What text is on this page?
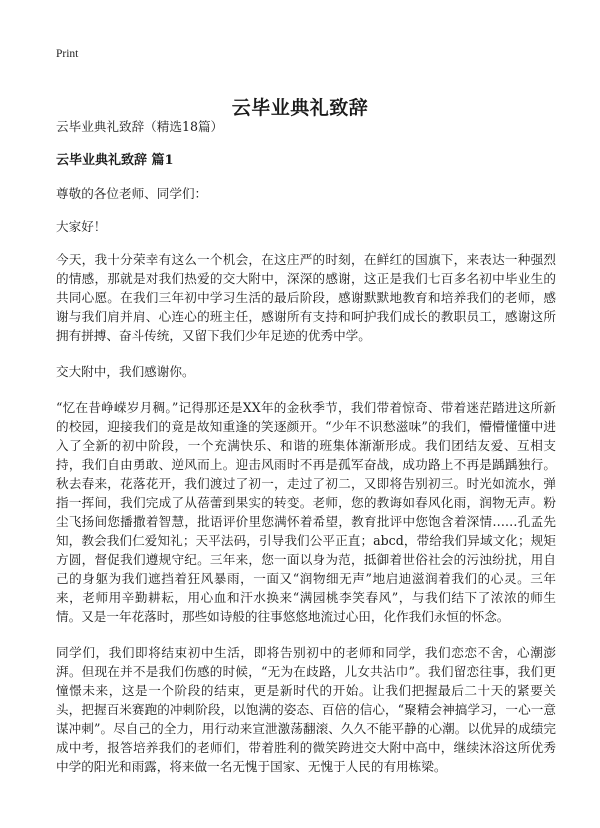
Print
云毕业典礼致辞

云毕业典礼致辞（精选18篇）

云毕业典礼致辞 篇1

尊敬的各位老师、同学们：

大家好！

今天，我十分荣幸有这么一个机会，在这庄严的时刻，在鲜红的国旗下，来表达一种强烈的情感，那就是对我们热爱的交大附中，深深的感谢，这正是我们七百多名初中毕业生的共同心愿。在我们三年初中学习生活的最后阶段，感谢默默地教育和培养我们的老师，感谢与我们肩并肩、心连心的班主任，感谢所有支持和呵护我们成长的教职员工，感谢这所拥有拼搏、奋斗传统，又留下我们少年足迹的优秀中学。

交大附中，我们感谢你。

“忆在昔峥嵘岁月稠。”记得那还是XX年的金秋季节，我们带着惊奇、带着迷茫踏进这所新的校园，迎接我们的竟是故知重逢的笑逐颜开。“少年不识愁滋味”的我们，懵懵懂懂中进入了全新的初中阶段，一个充满快乐、和谐的班集体渐渐形成。我们团结友爱、互相支持，我们自由勇敢、逆风而上。迎击风雨时不再是孤军奋战，成功路上不再是踽踽独行。秋去春来，花落花开，我们渡过了初一，走过了初二，又即将告别初三。时光如流水，弹指一挥间，我们完成了从蓓蕾到果实的转变。老师，您的教诲如春风化雨，润物无声。粉尘飞扬间您播撒着智慧，批语评价里您满怀着希望，教育批评中您饱含着深情……孔孟先知，教会我们仁爱知礼；天平法码，引导我们公平正直；abcd，带给我们异域文化；规矩方圆，督促我们遵规守纪。三年来，您一面以身为范，抵御着世俗社会的污浊纷扰，用自己的身躯为我们遮挡着狂风暴雨，一面又“润物细无声”地启迪滋润着我们的心灵。三年来，老师用辛勤耕耘，用心血和汗水换来“满园桃李笑春风”，与我们结下了浓浓的师生情。又是一年花落时，那些如诗般的往事悠悠地流过心田，化作我们永恒的怀念。

同学们，我们即将结束初中生活，即将告别初中的老师和同学，我们恋恋不舍，心潮澎湃。但现在并不是我们伤感的时候，“无为在歧路，儿女共沾巾”。我们留恋往事，我们更憧憬未来，这是一个阶段的结束，更是新时代的开始。让我们把握最后二十天的紧要关头，把握百米赛跑的冲刺阶段，以饱满的姿态、百倍的信心，“聚精会神搞学习，一心一意谋冲刺”。尽自己的全力，用行动来宣泄激荡翻滚、久久不能平静的心潮。以优异的成绩完成中考，报答培养我们的老师们，带着胜利的微笑跨进交大附中高中，继续沐浴这所优秀中学的阳光和雨露，将来做一名无愧于国家、无愧于人民的有用栋梁。
